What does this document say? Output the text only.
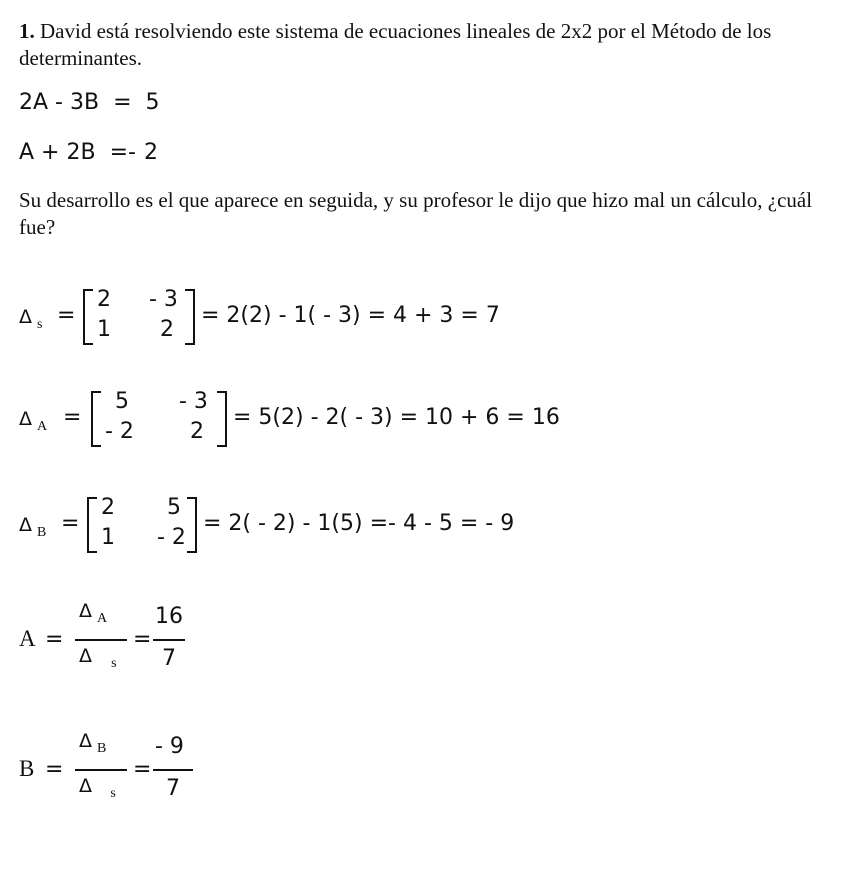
1. David está resolviendo este sistema de ecuaciones lineales de 2x2 por el Método de los determinantes.
2A - 3B = 5
A + 2B =- 2
Su desarrollo es el que aparece en seguida, y su profesor le dijo que hizo mal un cálculo, ¿cuál fue?
Δ s =
2 - 3
1 2
= 2(2) - 1( - 3) = 4 + 3 = 7
Δ A =
5 - 3
- 2	2
= 5(2) - 2( - 3) = 10 + 6 = 16
Δ B =
2 5
1 - 2
= 2( - 2) - 1(5) =- 4 - 5 = - 9
A =
Δ A
Δ s
=
16
7
B =
Δ B
Δ s
=
- 9
7
